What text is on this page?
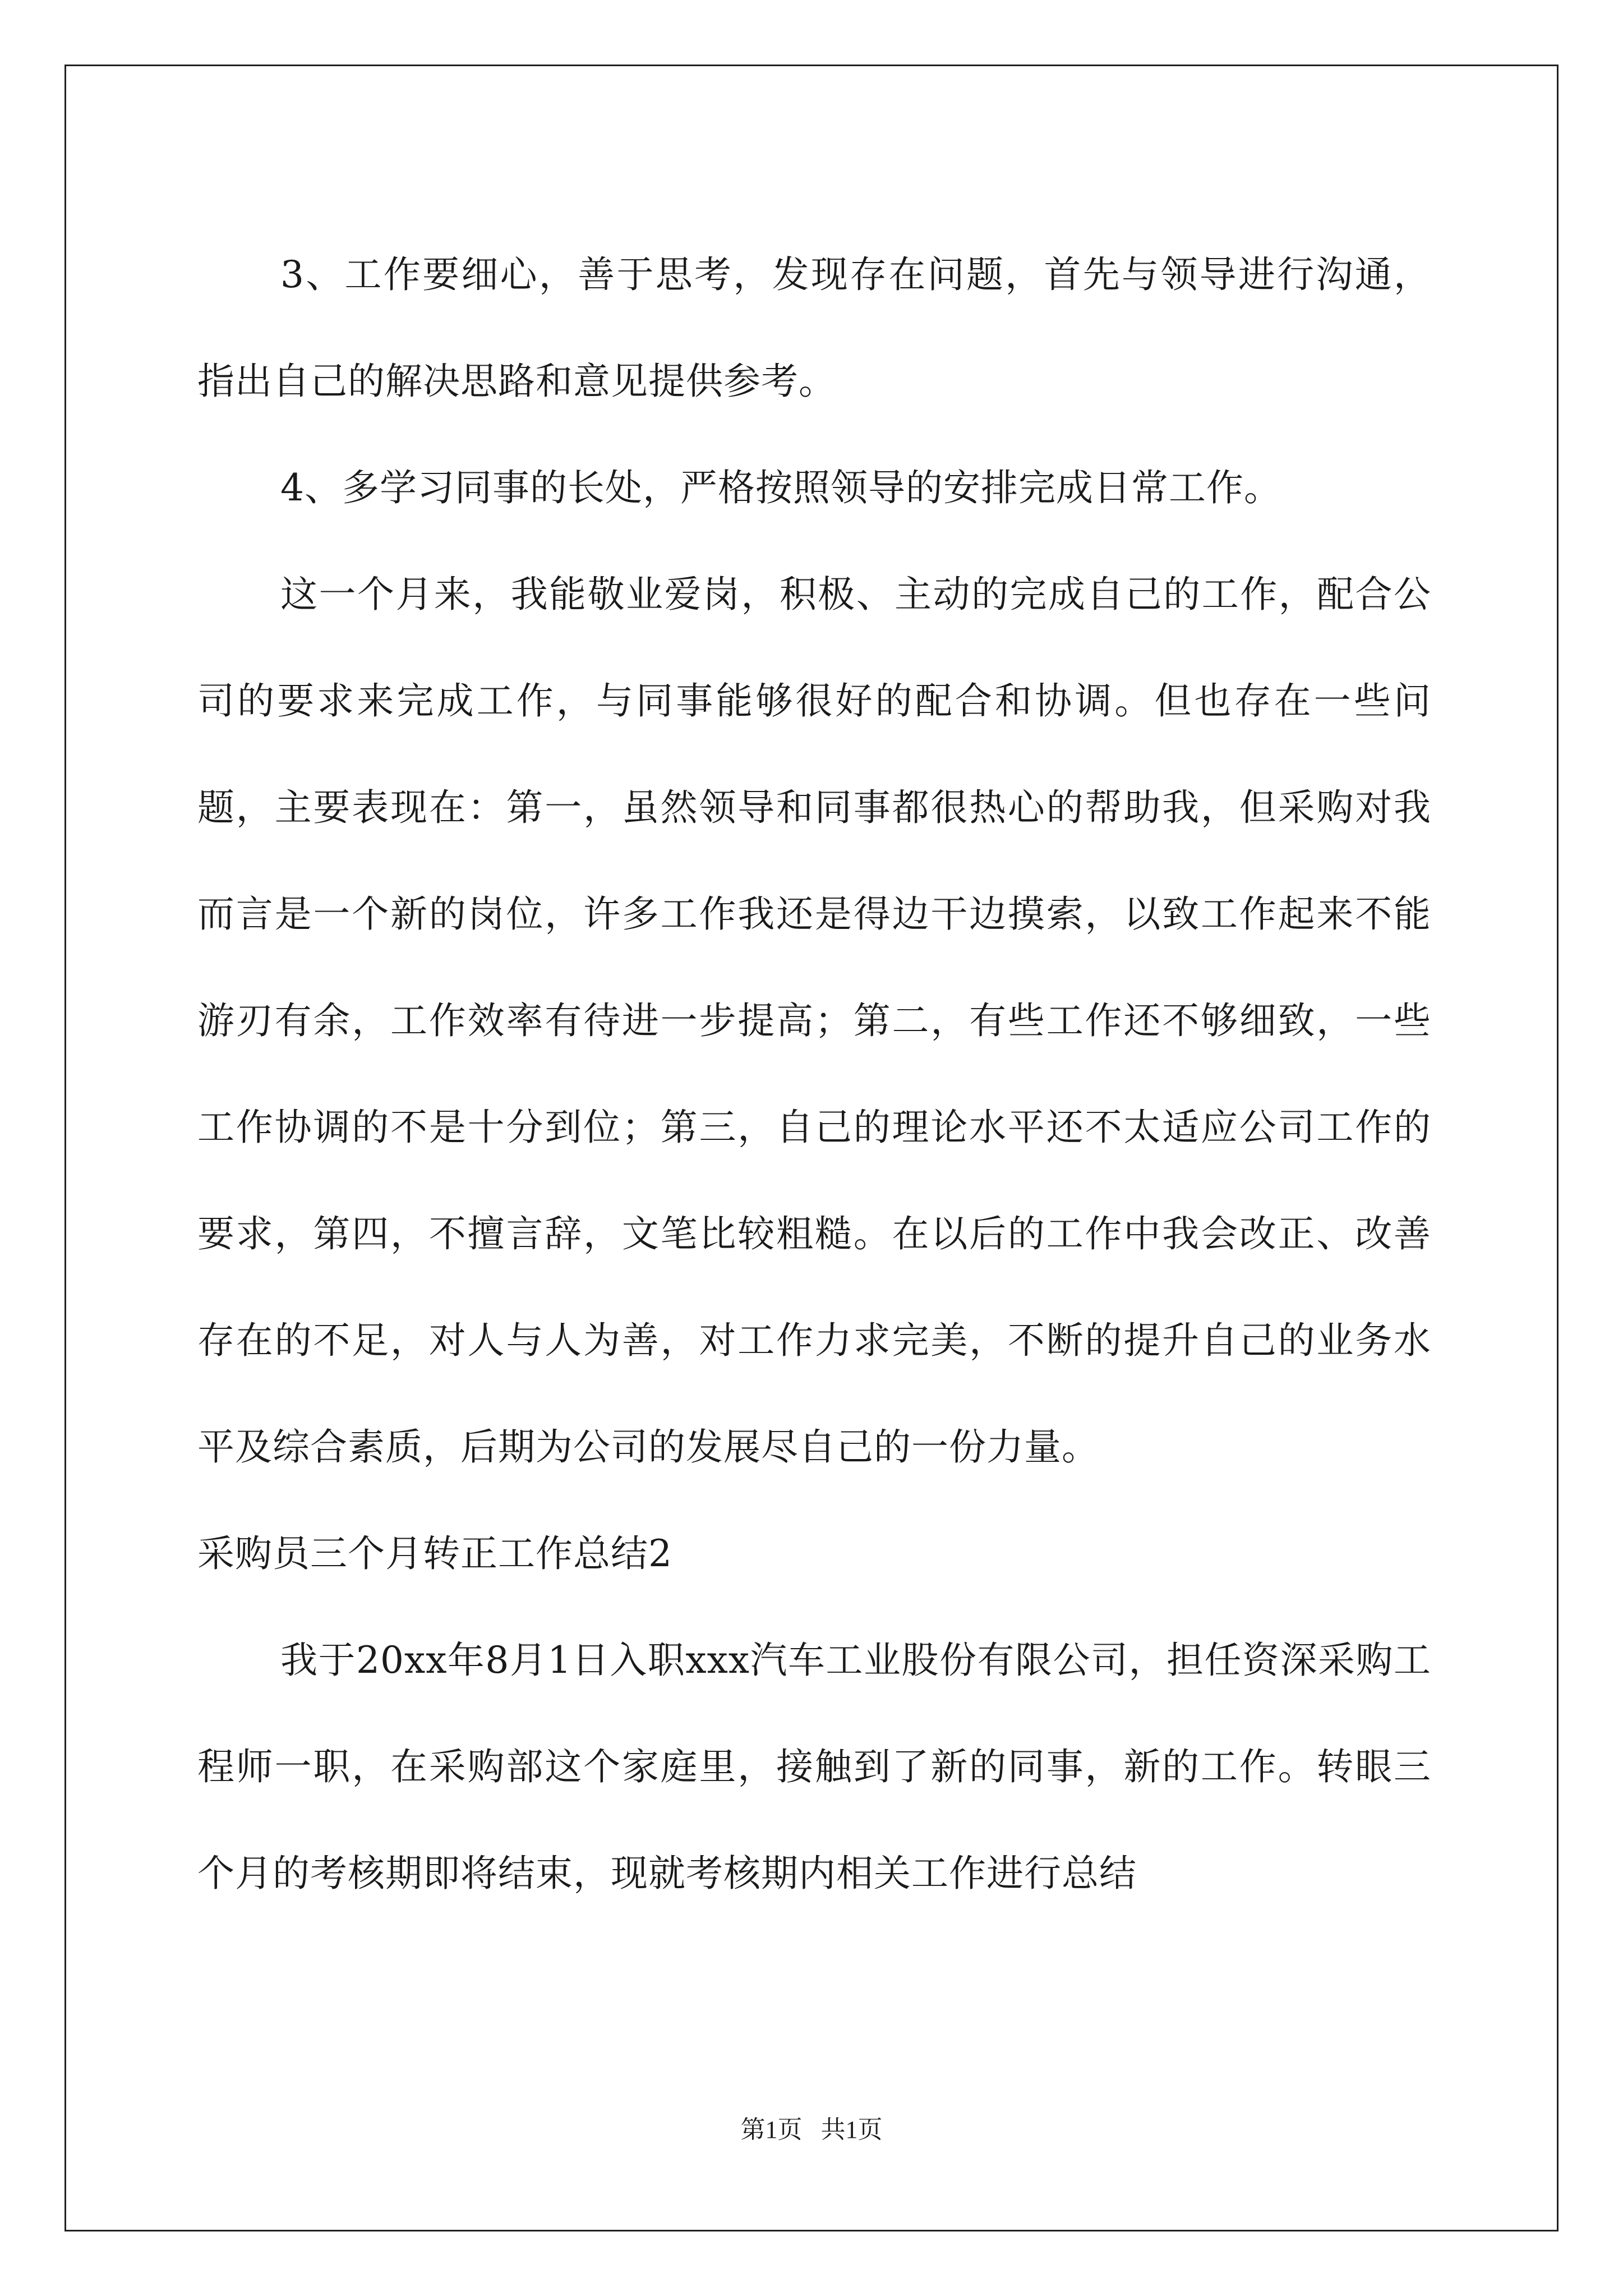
3、工作要细心，善于思考，发现存在问题，首先与领导进行沟通，指出自己的解决思路和意见提供参考。

4、多学习同事的长处，严格按照领导的安排完成日常工作。

这一个月来，我能敬业爱岗，积极、主动的完成自己的工作，配合公司的要求来完成工作，与同事能够很好的配合和协调。但也存在一些问题，主要表现在：第一，虽然领导和同事都很热心的帮助我，但采购对我而言是一个新的岗位，许多工作我还是得边干边摸索，以致工作起来不能游刃有余，工作效率有待进一步提高；第二，有些工作还不够细致，一些工作协调的不是十分到位；第三，自己的理论水平还不太适应公司工作的要求，第四，不擅言辞，文笔比较粗糙。在以后的工作中我会改正、改善存在的不足，对人与人为善，对工作力求完美，不断的提升自己的业务水平及综合素质，后期为公司的发展尽自己的一份力量。

采购员三个月转正工作总结2

我于20xx年8月1日入职xxx汽车工业股份有限公司，担任资深采购工程师一职，在采购部这个家庭里，接触到了新的同事，新的工作。转眼三个月的考核期即将结束，现就考核期内相关工作进行总结

第1页 共1页
